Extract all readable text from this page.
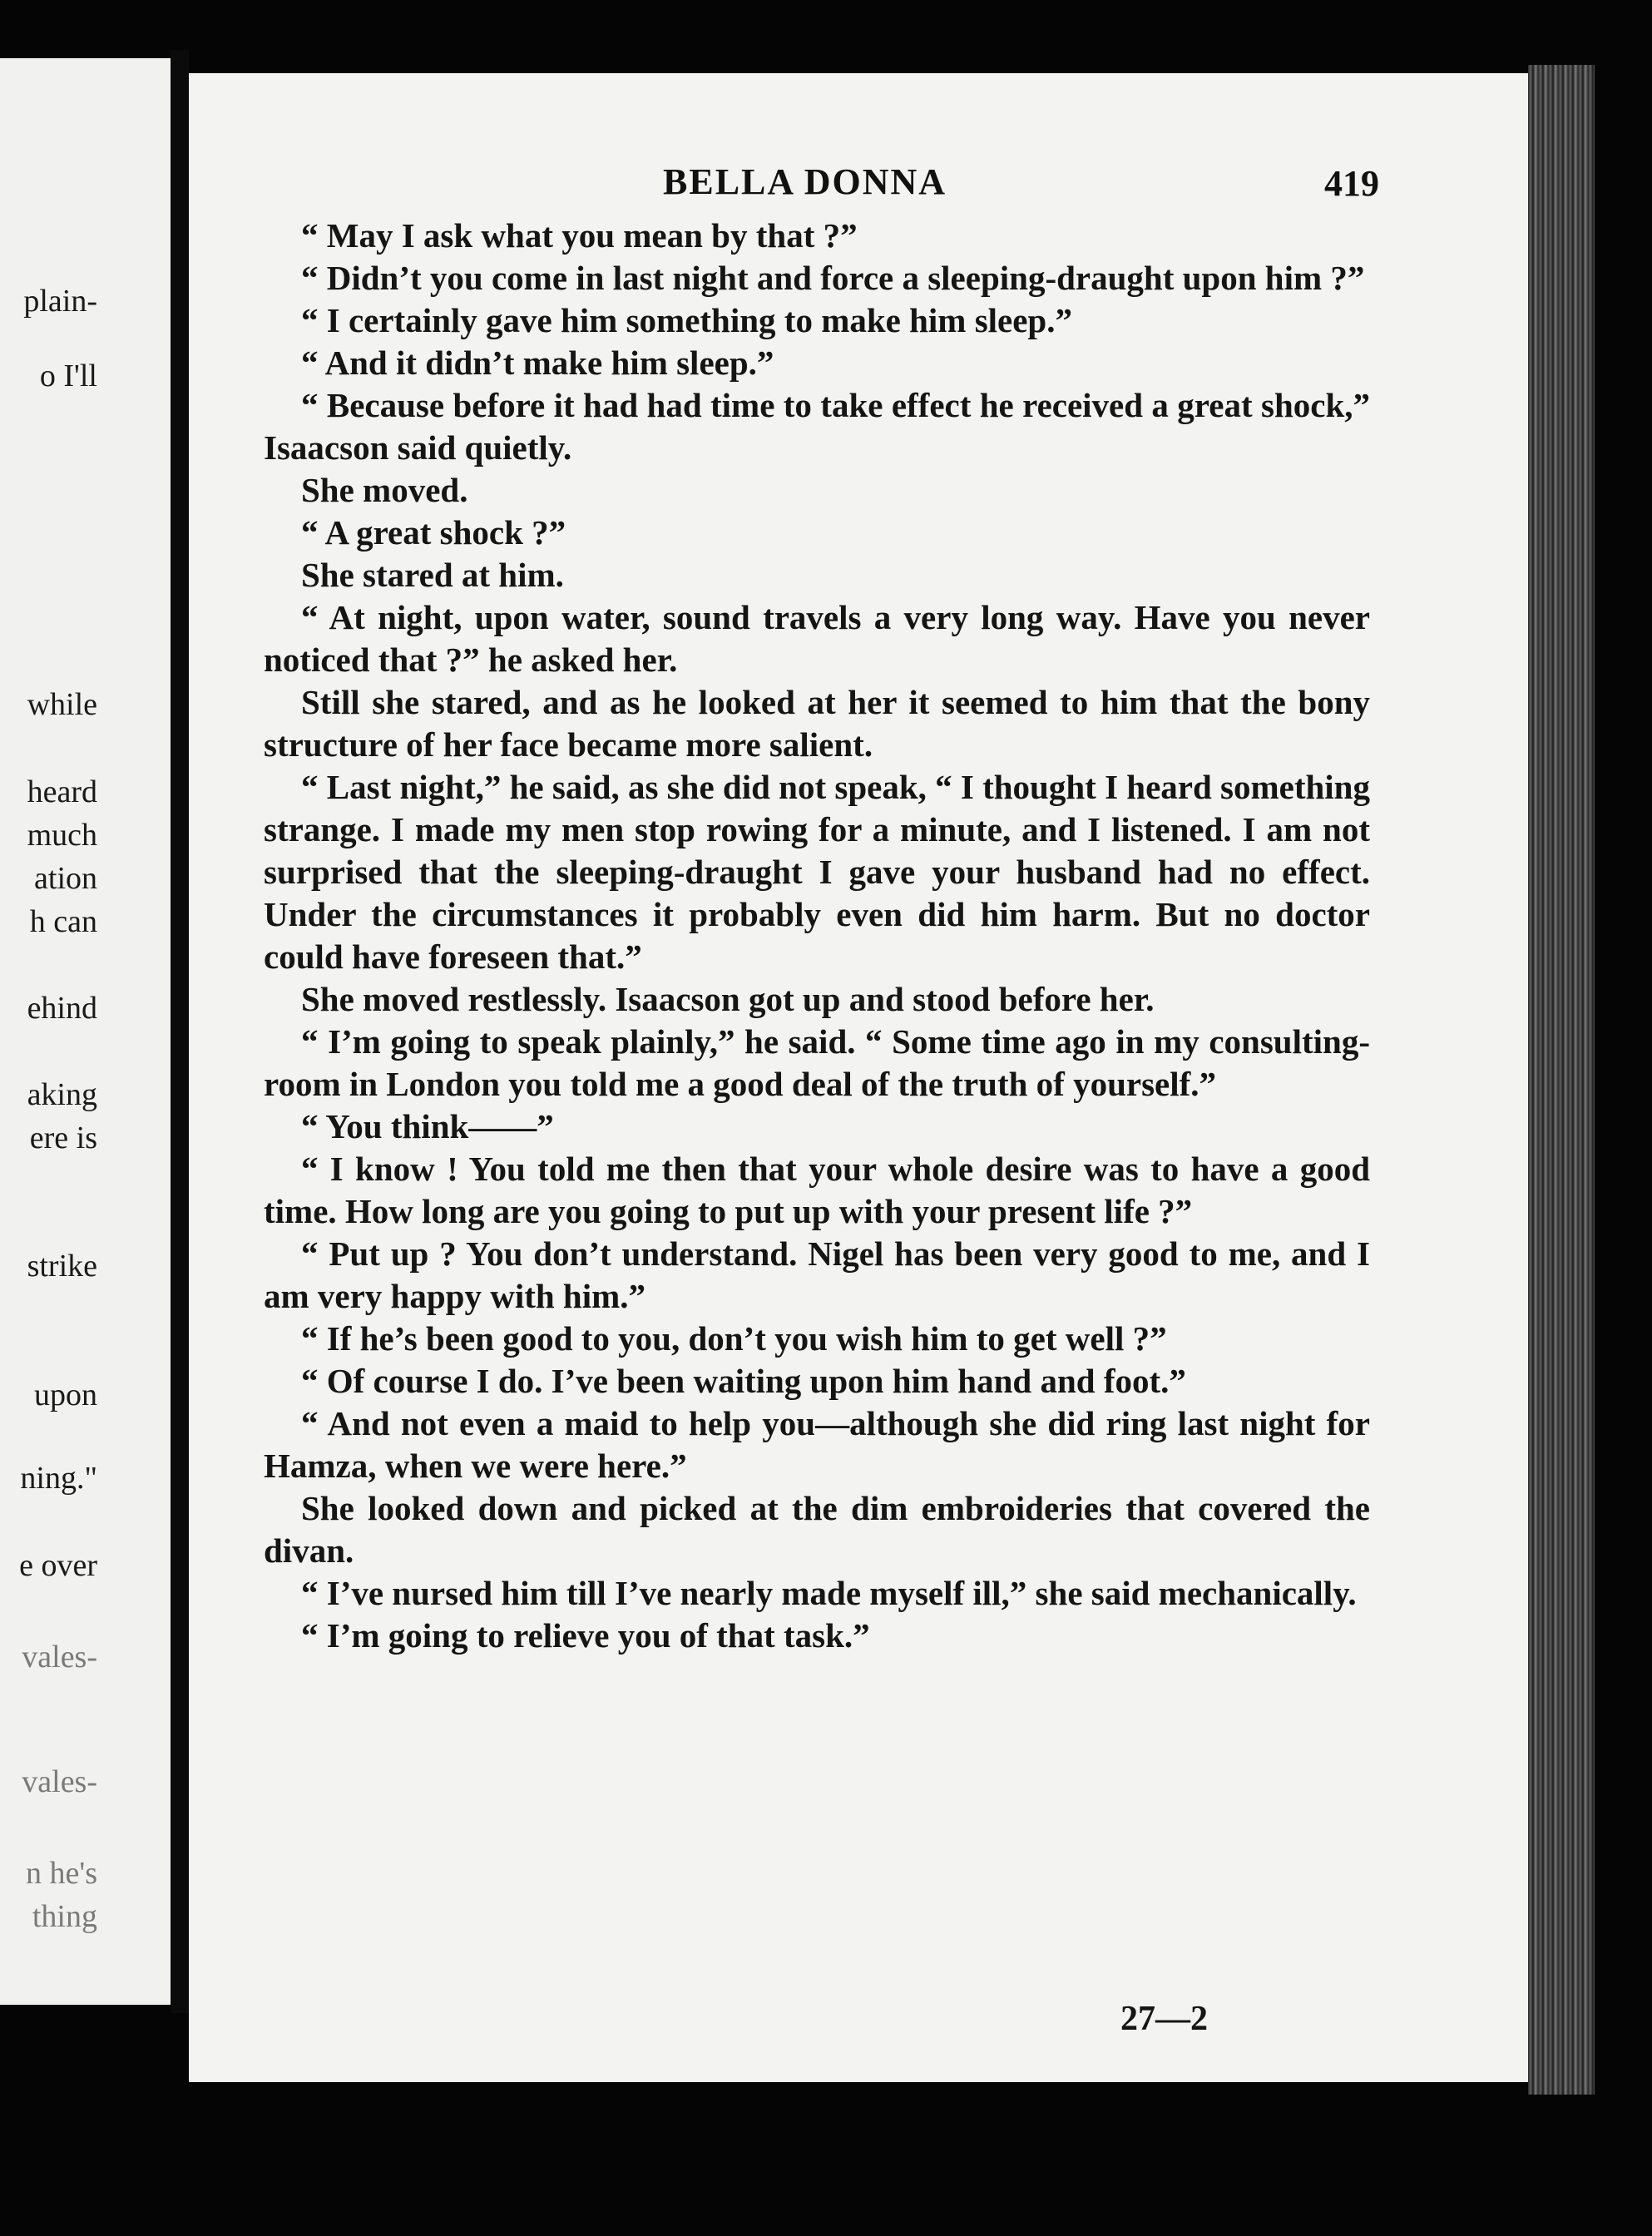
plain-
o I'll
while
heard
much
ation
h can
ehind
aking
ere is
strike
upon
ning."
e over
vales-
vales-
n he's
thing
BELLA DONNA	419

“ May I ask what you mean by that ?”

“ Didn’t you come in last night and force a sleeping-draught upon him ?”

“ I certainly gave him something to make him sleep.”

“ And it didn’t make him sleep.”

“ Because before it had had time to take effect he received a great shock,” Isaacson said quietly.

She moved.

“ A great shock ?”

She stared at him.

“ At night, upon water, sound travels a very long way. Have you never noticed that ?” he asked her.

Still she stared, and as he looked at her it seemed to him that the bony structure of her face became more salient.

“ Last night,” he said, as she did not speak, “ I thought I heard something strange. I made my men stop rowing for a minute, and I listened. I am not surprised that the sleeping-draught I gave your husband had no effect. Under the circumstances it probably even did him harm. But no doctor could have foreseen that.”

She moved restlessly. Isaacson got up and stood before her.

“ I’m going to speak plainly,” he said. “ Some time ago in my consulting-room in London you told me a good deal of the truth of yourself.”

“ You think——”

“ I know ! You told me then that your whole desire was to have a good time. How long are you going to put up with your present life ?”

“ Put up ? You don’t understand. Nigel has been very good to me, and I am very happy with him.”

“ If he’s been good to you, don’t you wish him to get well ?”

“ Of course I do. I’ve been waiting upon him hand and foot.”

“ And not even a maid to help you—although she did ring last night for Hamza, when we were here.”

She looked down and picked at the dim embroideries that covered the divan.

“ I’ve nursed him till I’ve nearly made myself ill,” she said mechanically.

“ I’m going to relieve you of that task.”

27—2
